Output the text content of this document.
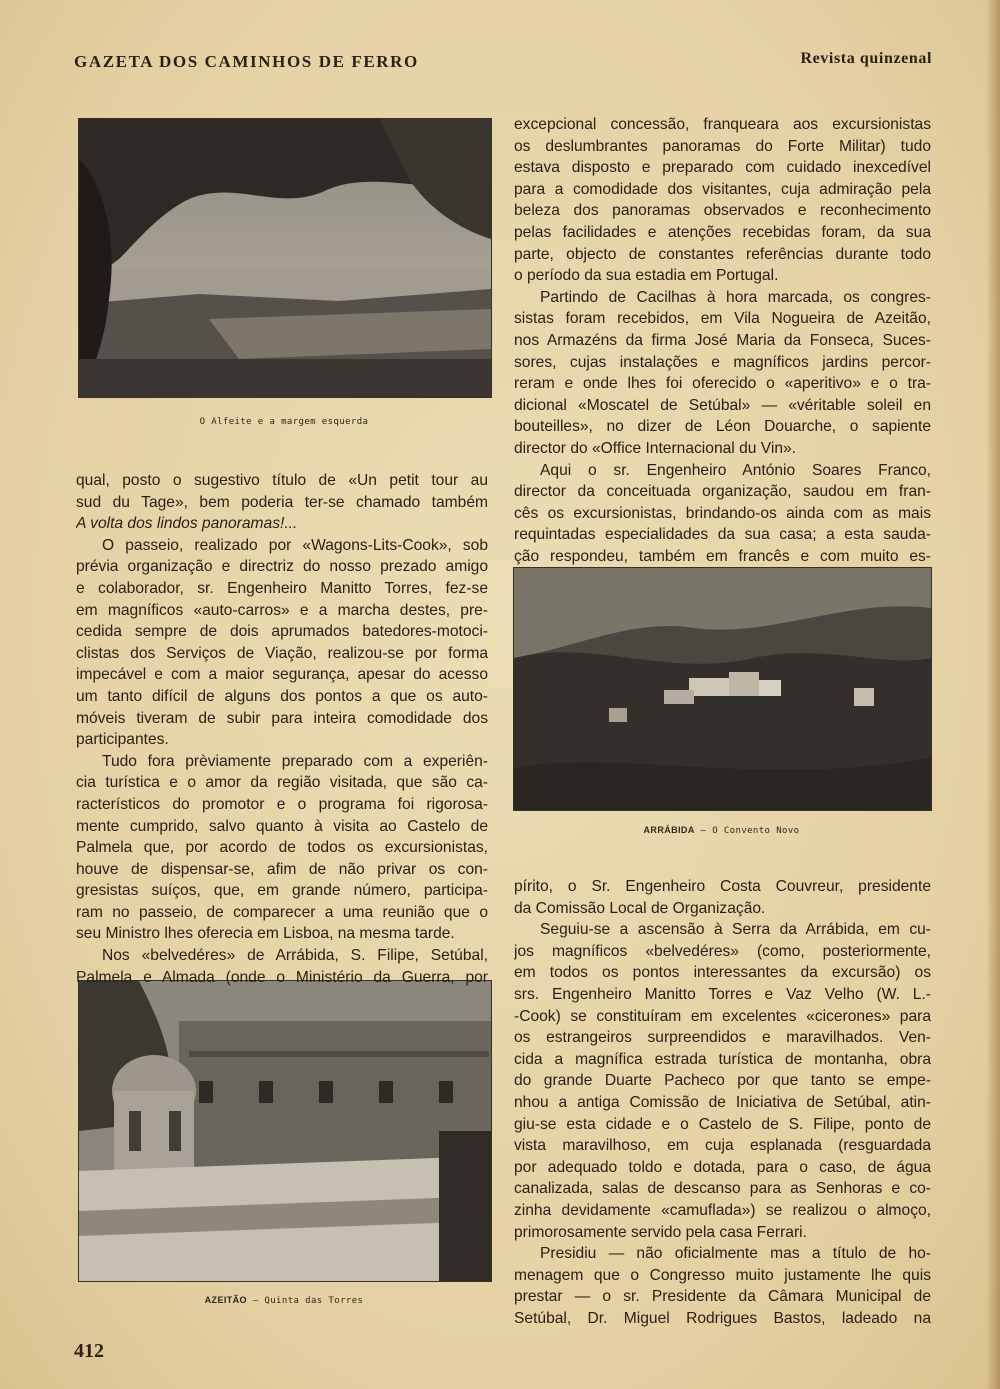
GAZETA DOS CAMINHOS DE FERRO	Revista quinzenal
O Alfeite e a margem esquerda
ARRÁBIDA — O Convento Novo
AZEITÃO — Quinta das Torres
qual, posto o sugestivo título de «Un petit tour au
sud du Tage», bem poderia ter-se chamado também
A volta dos lindos panoramas!...
O passeio, realizado por «Wagons-Lits-Cook», sob
prévia organização e directriz do nosso prezado amigo
e colaborador, sr. Engenheiro Manitto Torres, fez-se
em magníficos «auto-carros» e a marcha destes, pre-
cedida sempre de dois aprumados batedores-motoci-
clistas dos Serviços de Viação, realizou-se por forma
impecável e com a maior segurança, apesar do acesso
um tanto difícil de alguns dos pontos a que os auto-
móveis tiveram de subir para inteira comodidade dos
participantes.
Tudo fora prèviamente preparado com a experiên-
cia turística e o amor da região visitada, que são ca-
racterísticos do promotor e o programa foi rigorosa-
mente cumprido, salvo quanto à visita ao Castelo de
Palmela que, por acordo de todos os excursionistas,
houve de dispensar-se, afim de não privar os con-
gresistas suíços, que, em grande número, participa-
ram no passeio, de comparecer a uma reunião que o
seu Ministro lhes oferecia em Lisboa, na mesma tarde.
Nos «belvedéres» de Arrábida, S. Filipe, Setúbal,
Palmela e Almada (onde o Ministério da Guerra, por
excepcional concessão, franqueara aos excursionistas
os deslumbrantes panoramas do Forte Militar) tudo
estava disposto e preparado com cuidado inexcedível
para a comodidade dos visitantes, cuja admiração pela
beleza dos panoramas observados e reconhecimento
pelas facilidades e atenções recebidas foram, da sua
parte, objecto de constantes referências durante todo
o período da sua estadia em Portugal.
Partindo de Cacilhas à hora marcada, os congres-
sistas foram recebidos, em Vila Nogueira de Azeitão,
nos Armazéns da firma José Maria da Fonseca, Suces-
sores, cujas instalações e magníficos jardins percor-
reram e onde lhes foi oferecido o «aperitivo» e o tra-
dicional «Moscatel de Setúbal» — «véritable soleil en
bouteilles», no dizer de Léon Douarche, o sapiente
director do «Office Internacional du Vin».
Aqui o sr. Engenheiro António Soares Franco,
director da conceituada organização, saudou em fran-
cês os excursionistas, brindando-os ainda com as mais
requintadas especialidades da sua casa; a esta sauda-
ção respondeu, também em francês e com muito es-
pírito, o Sr. Engenheiro Costa Couvreur, presidente
da Comissão Local de Organização.
Seguiu-se a ascensão à Serra da Arrábida, em cu-
jos magníficos «belvedéres» (como, posteriormente,
em todos os pontos interessantes da excursão) os
srs. Engenheiro Manitto Torres e Vaz Velho (W. L.-
-Cook) se constituíram em excelentes «cicerones» para
os estrangeiros surpreendidos e maravilhados. Ven-
cida a magnífica estrada turística de montanha, obra
do grande Duarte Pacheco por que tanto se empe-
nhou a antiga Comissão de Iniciativa de Setúbal, atin-
giu-se esta cidade e o Castelo de S. Filipe, ponto de
vista maravilhoso, em cuja esplanada (resguardada
por adequado toldo e dotada, para o caso, de água
canalizada, salas de descanso para as Senhoras e co-
zinha devidamente «camuflada») se realizou o almoço,
primorosamente servido pela casa Ferrari.
Presidiu — não oficialmente mas a título de ho-
menagem que o Congresso muito justamente lhe quis
prestar — o sr. Presidente da Câmara Municipal de
Setúbal, Dr. Miguel Rodrigues Bastos, ladeado na
412
